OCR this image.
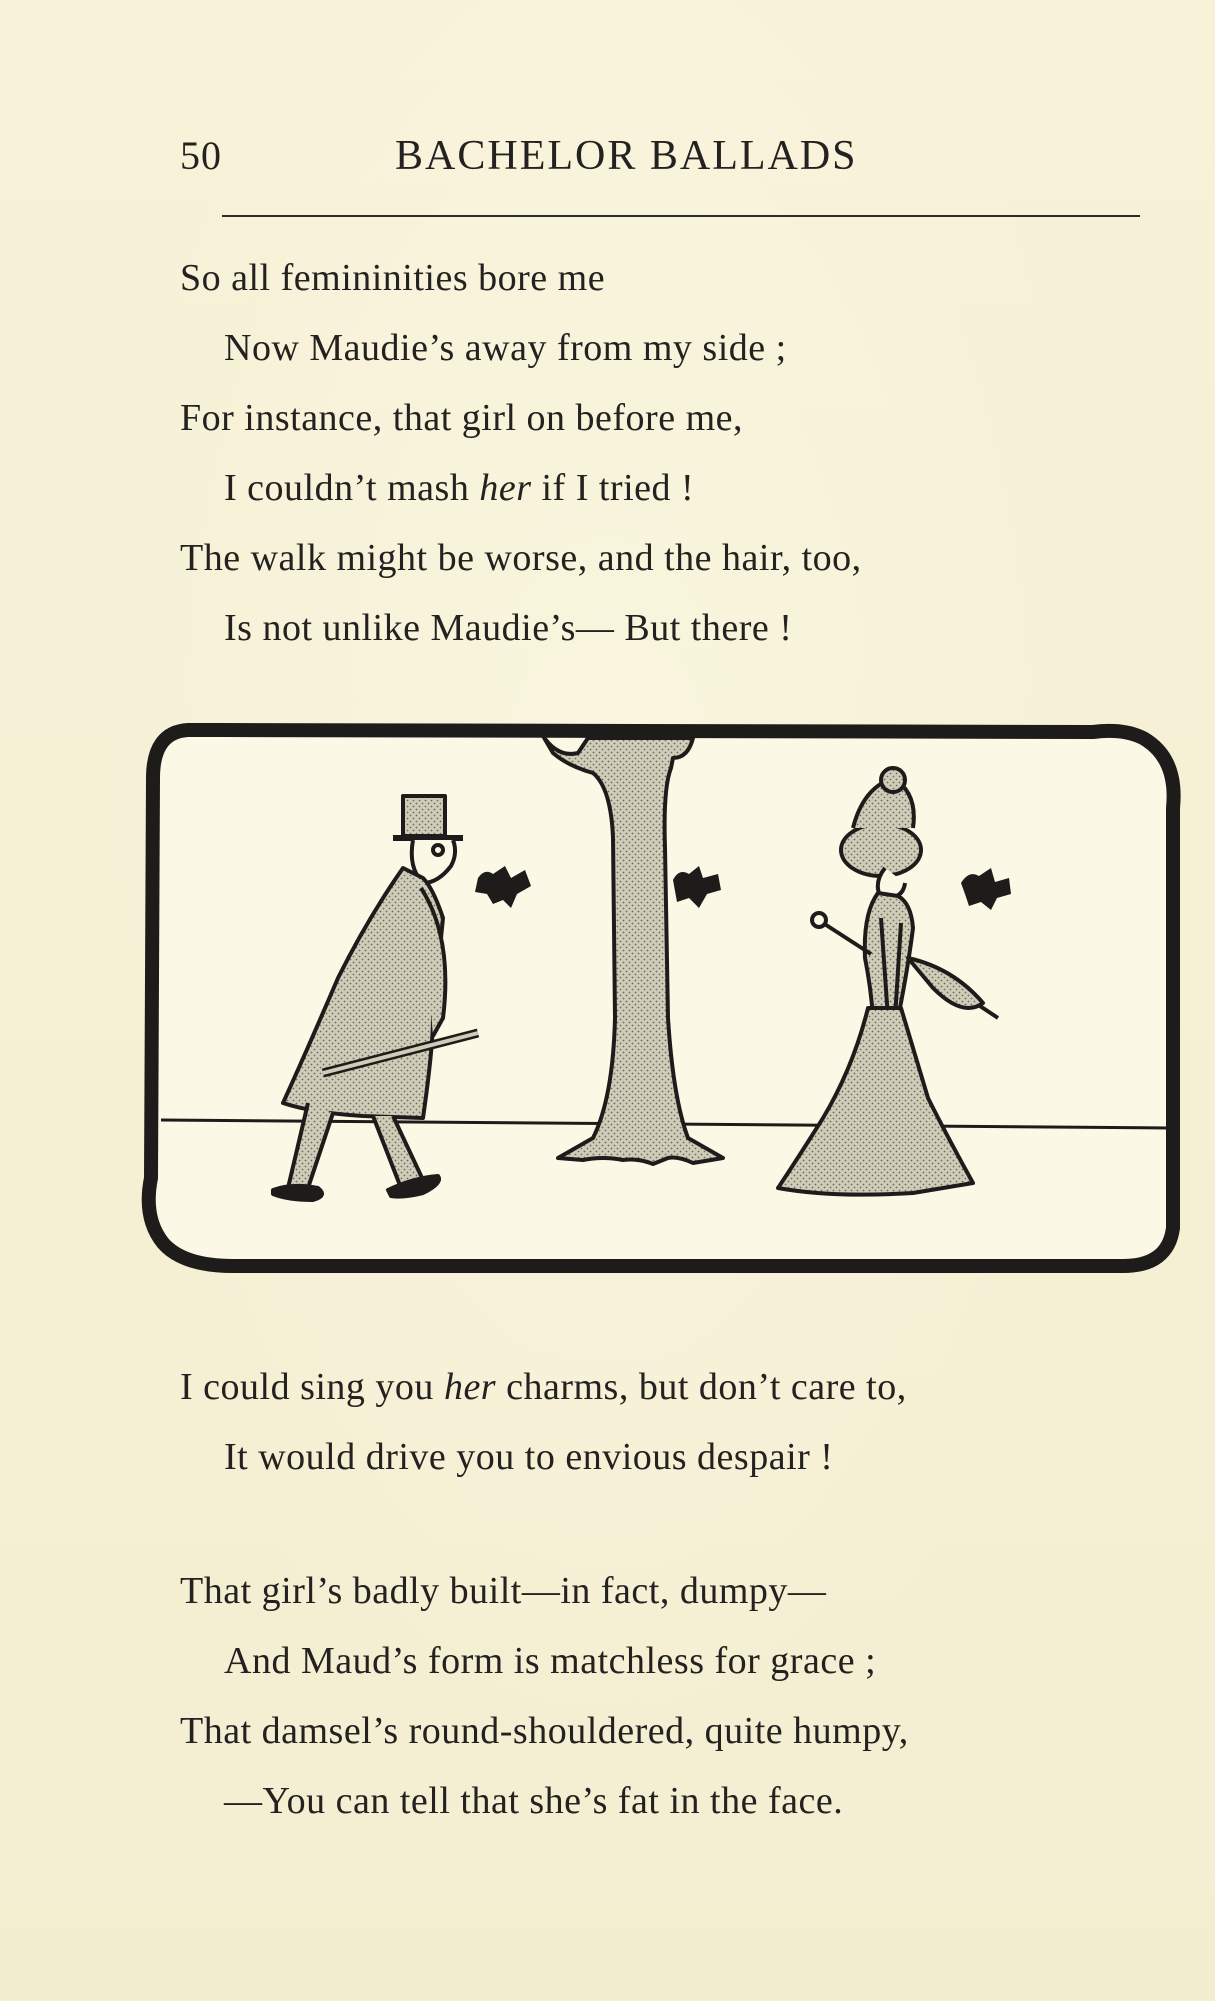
50	BACHELOR BALLADS
So all femininities bore me
Now Maudie’s away from my side ;
For instance, that girl on before me,
I couldn’t mash her if I tried !
The walk might be worse, and the hair, too,
Is not unlike Maudie’s— But there !
I could sing you her charms, but don’t care to,
It would drive you to envious despair !
That girl’s badly built—in fact, dumpy—
And Maud’s form is matchless for grace ;
That damsel’s round-shouldered, quite humpy,
—You can tell that she’s fat in the face.
